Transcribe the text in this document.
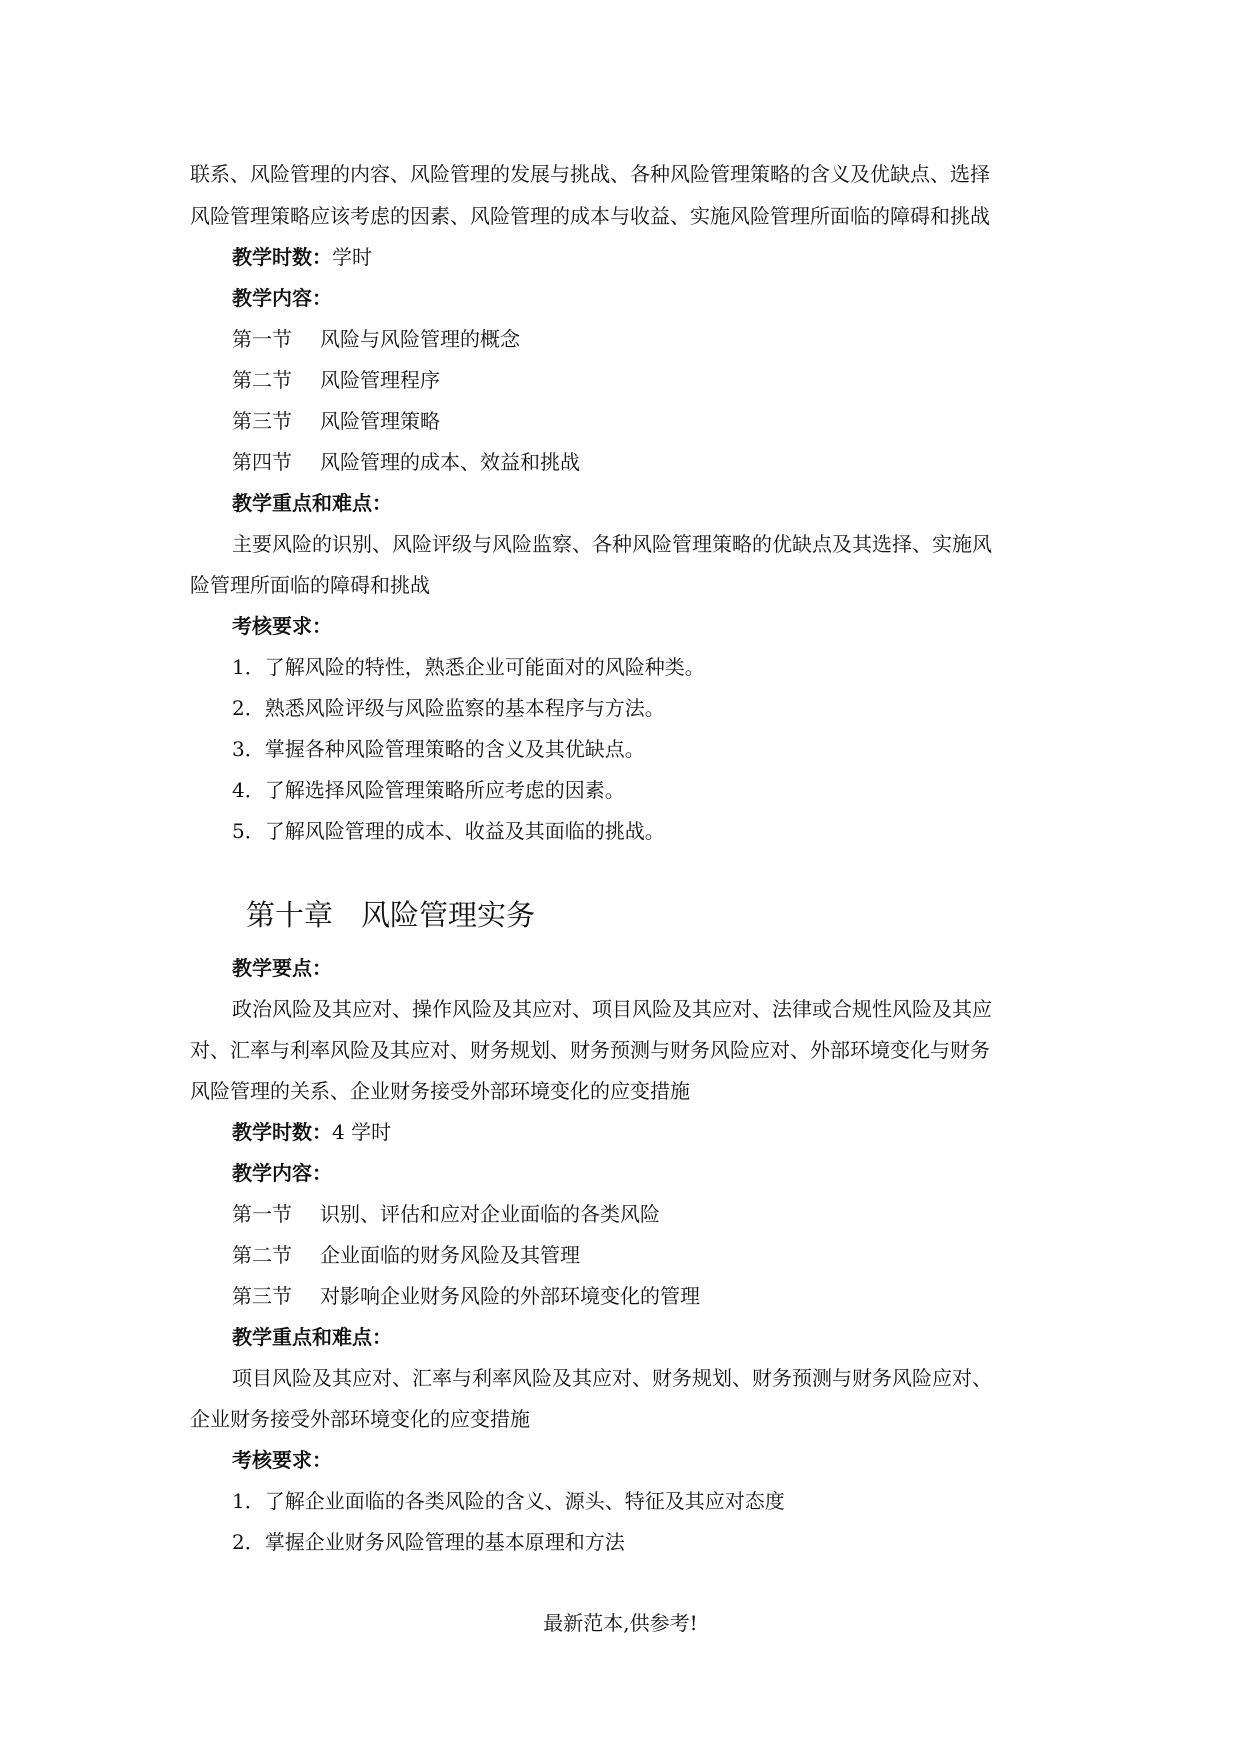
联系、风险管理的内容、风险管理的发展与挑战、各种风险管理策略的含义及优缺点、选择
风险管理策略应该考虑的因素、风险管理的成本与收益、实施风险管理所面临的障碍和挑战
教学时数：学时
教学内容：
第一节 风险与风险管理的概念
第二节 风险管理程序
第三节 风险管理策略
第四节 风险管理的成本、效益和挑战
教学重点和难点：
主要风险的识别、风险评级与风险监察、各种风险管理策略的优缺点及其选择、实施风
险管理所面临的障碍和挑战
考核要求：
1．了解风险的特性，熟悉企业可能面对的风险种类。
2．熟悉风险评级与风险监察的基本程序与方法。
3．掌握各种风险管理策略的含义及其优缺点。
4．了解选择风险管理策略所应考虑的因素。
5．了解风险管理的成本、收益及其面临的挑战。
第十章 风险管理实务
教学要点：
政治风险及其应对、操作风险及其应对、项目风险及其应对、法律或合规性风险及其应
对、汇率与利率风险及其应对、财务规划、财务预测与财务风险应对、外部环境变化与财务
风险管理的关系、企业财务接受外部环境变化的应变措施
教学时数：4 学时
教学内容：
第一节 识别、评估和应对企业面临的各类风险
第二节 企业面临的财务风险及其管理
第三节 对影响企业财务风险的外部环境变化的管理
教学重点和难点：
项目风险及其应对、汇率与利率风险及其应对、财务规划、财务预测与财务风险应对、
企业财务接受外部环境变化的应变措施
考核要求：
1．了解企业面临的各类风险的含义、源头、特征及其应对态度
2．掌握企业财务风险管理的基本原理和方法
最新范本,供参考!
